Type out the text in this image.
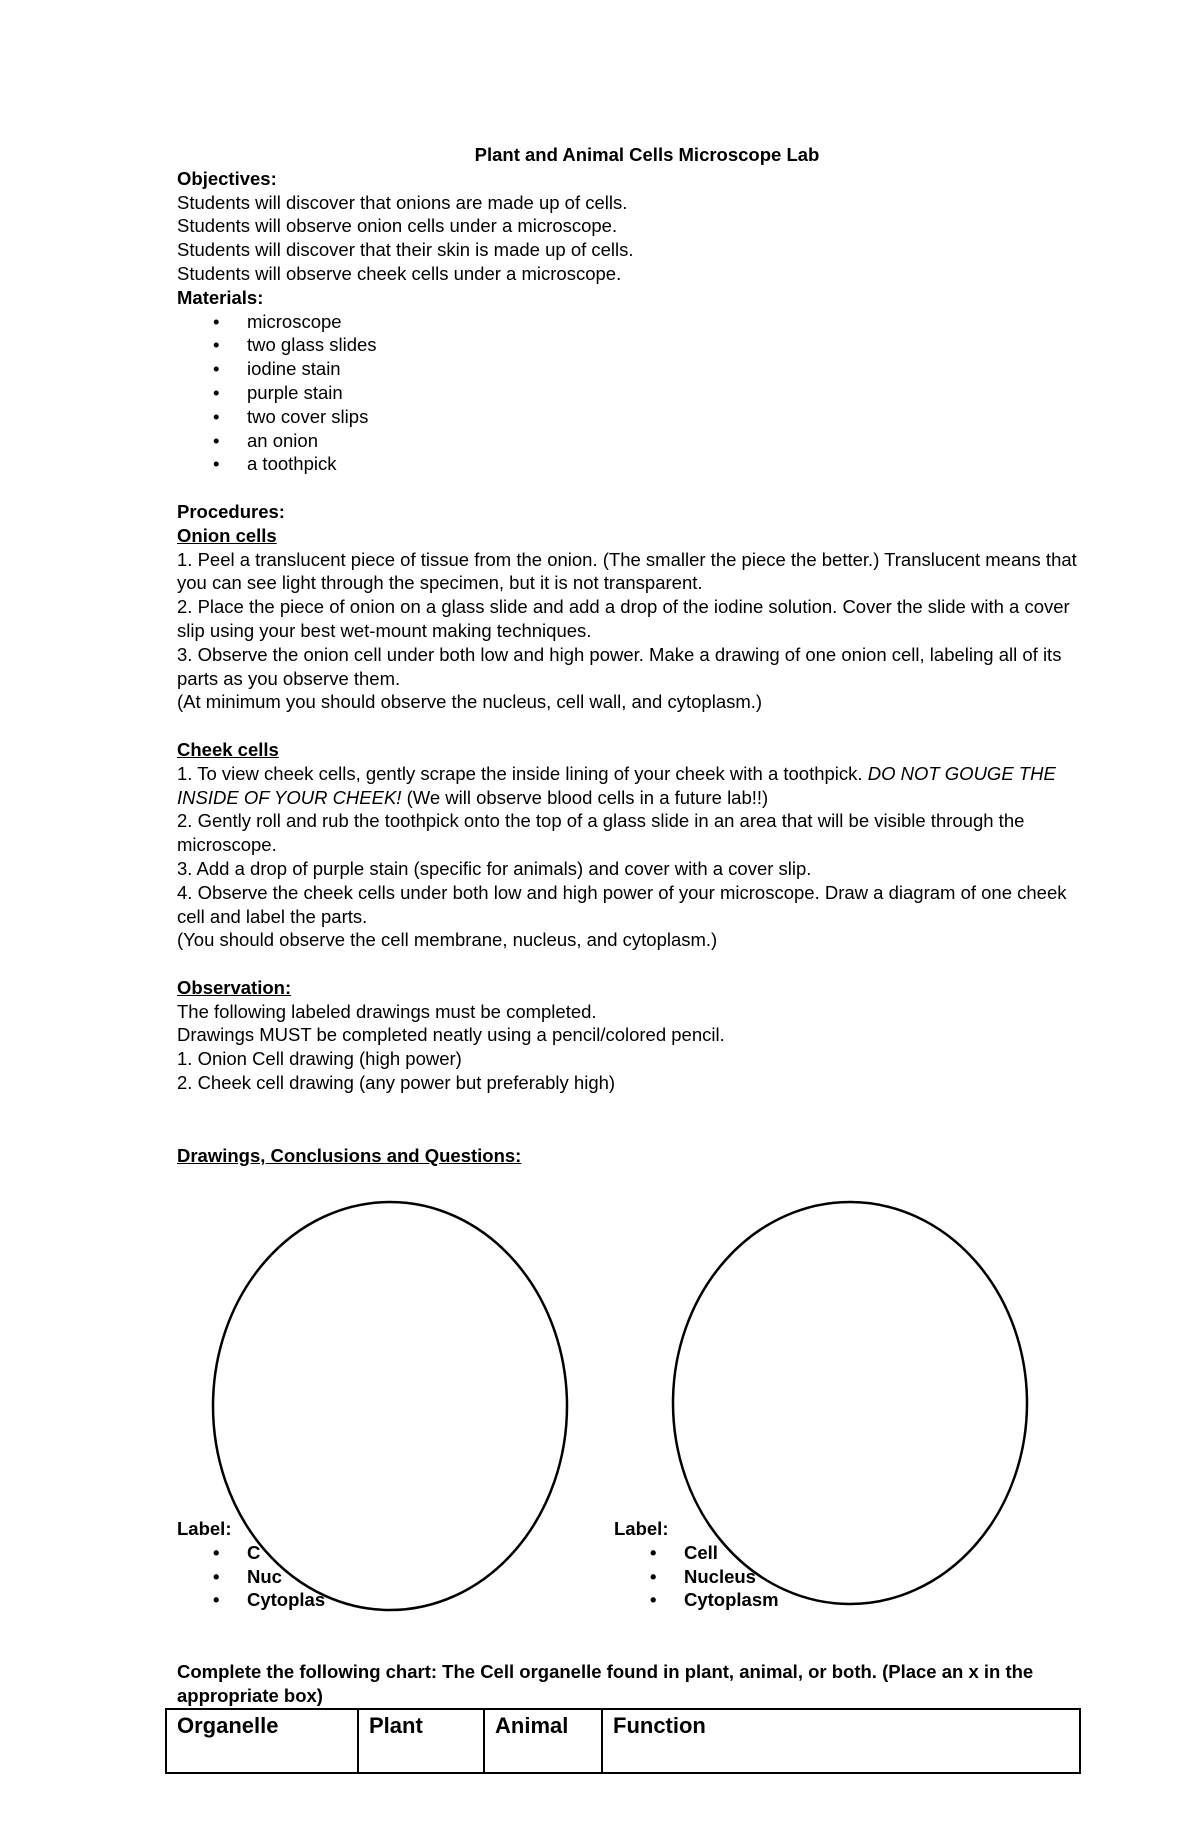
Plant and Animal Cells Microscope Lab
Objectives:

Students will discover that onions are made up of cells.

Students will observe onion cells under a microscope.

Students will discover that their skin is made up of cells.

Students will observe cheek cells under a microscope.

Materials:
• microscope
• two glass slides
• iodine stain
• purple stain
• two cover slips
• an onion
• a toothpick
Procedures:
Onion cells

1. Peel a translucent piece of tissue from the onion. (The smaller the piece the better.) Translucent means that you can see light through the specimen, but it is not transparent.

2. Place the piece of onion on a glass slide and add a drop of the iodine solution. Cover the slide with a cover slip using your best wet-mount making techniques.

3. Observe the onion cell under both low and high power. Make a drawing of one onion cell, labeling all of its parts as you observe them.

(At minimum you should observe the nucleus, cell wall, and cytoplasm.)

Cheek cells

1. To view cheek cells, gently scrape the inside lining of your cheek with a toothpick. DO NOT GOUGE THE INSIDE OF YOUR CHEEK! (We will observe blood cells in a future lab!!)

2. Gently roll and rub the toothpick onto the top of a glass slide in an area that will be visible through the microscope.

3. Add a drop of purple stain (specific for animals) and cover with a cover slip.

4. Observe the cheek cells under both low and high power of your microscope. Draw a diagram of one cheek cell and label the parts.

(You should observe the cell membrane, nucleus, and cytoplasm.)

Observation:

The following labeled drawings must be completed.

Drawings MUST be completed neatly using a pencil/colored pencil.

1. Onion Cell drawing (high power)

2. Cheek cell drawing (any power but preferably high)

Drawings, Conclusions and Questions:
Label:
• C
• Nuc
• Cytoplas
Label:
• Cell
• Nucleus
• Cytoplasm
Complete the following chart: The Cell organelle found in plant, animal, or both. (Place an x in the appropriate box)
Organelle	Plant	Animal	Function
